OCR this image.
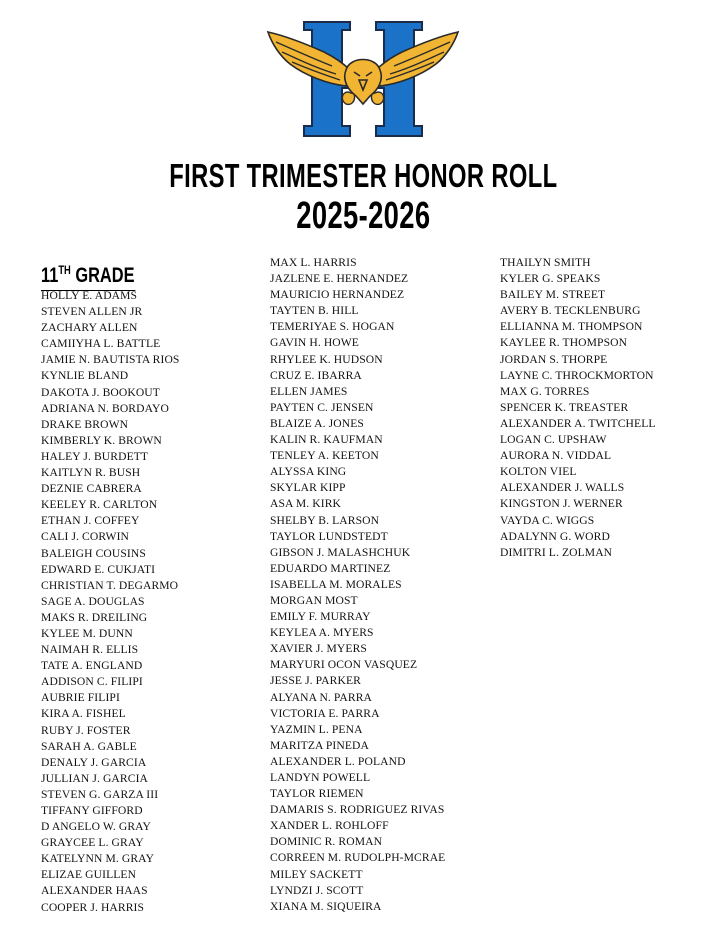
FIRST TRIMESTER HONOR ROLL
2025-2026
11TH GRADE
HOLLY E. ADAMS
STEVEN ALLEN JR
ZACHARY ALLEN
CAMIIYHA L. BATTLE
JAMIE N. BAUTISTA RIOS
KYNLIE BLAND
DAKOTA J. BOOKOUT
ADRIANA N. BORDAYO
DRAKE BROWN
KIMBERLY K. BROWN
HALEY J. BURDETT
KAITLYN R. BUSH
DEZNIE CABRERA
KEELEY R. CARLTON
ETHAN J. COFFEY
CALI J. CORWIN
BALEIGH COUSINS
EDWARD E. CUKJATI
CHRISTIAN T. DEGARMO
SAGE A. DOUGLAS
MAKS R. DREILING
KYLEE M. DUNN
NAIMAH R. ELLIS
TATE A. ENGLAND
ADDISON C. FILIPI
AUBRIE FILIPI
KIRA A. FISHEL
RUBY J. FOSTER
SARAH A. GABLE
DENALY J. GARCIA
JULLIAN J. GARCIA
STEVEN G. GARZA III
TIFFANY GIFFORD
D ANGELO W. GRAY
GRAYCEE L. GRAY
KATELYNN M. GRAY
ELIZAE GUILLEN
ALEXANDER HAAS
COOPER J. HARRIS
MAX L. HARRIS
JAZLENE E. HERNANDEZ
MAURICIO HERNANDEZ
TAYTEN B. HILL
TEMERIYAE S. HOGAN
GAVIN H. HOWE
RHYLEE K. HUDSON
CRUZ E. IBARRA
ELLEN JAMES
PAYTEN C. JENSEN
BLAIZE A. JONES
KALIN R. KAUFMAN
TENLEY A. KEETON
ALYSSA KING
SKYLAR KIPP
ASA M. KIRK
SHELBY B. LARSON
TAYLOR LUNDSTEDT
GIBSON J. MALASHCHUK
EDUARDO MARTINEZ
ISABELLA M. MORALES
MORGAN MOST
EMILY F. MURRAY
KEYLEA A. MYERS
XAVIER J. MYERS
MARYURI OCON VASQUEZ
JESSE J. PARKER
ALYANA N. PARRA
VICTORIA E. PARRA
YAZMIN L. PENA
MARITZA PINEDA
ALEXANDER L. POLAND
LANDYN POWELL
TAYLOR RIEMEN
DAMARIS S. RODRIGUEZ RIVAS
XANDER L. ROHLOFF
DOMINIC R. ROMAN
CORREEN M. RUDOLPH-MCRAE
MILEY SACKETT
LYNDZI J. SCOTT
XIANA M. SIQUEIRA
THAILYN SMITH
KYLER G. SPEAKS
BAILEY M. STREET
AVERY B. TECKLENBURG
ELLIANNA M. THOMPSON
KAYLEE R. THOMPSON
JORDAN S. THORPE
LAYNE C. THROCKMORTON
MAX G. TORRES
SPENCER K. TREASTER
ALEXANDER A. TWITCHELL
LOGAN C. UPSHAW
AURORA N. VIDDAL
KOLTON VIEL
ALEXANDER J. WALLS
KINGSTON J. WERNER
VAYDA C. WIGGS
ADALYNN G. WORD
DIMITRI L. ZOLMAN
